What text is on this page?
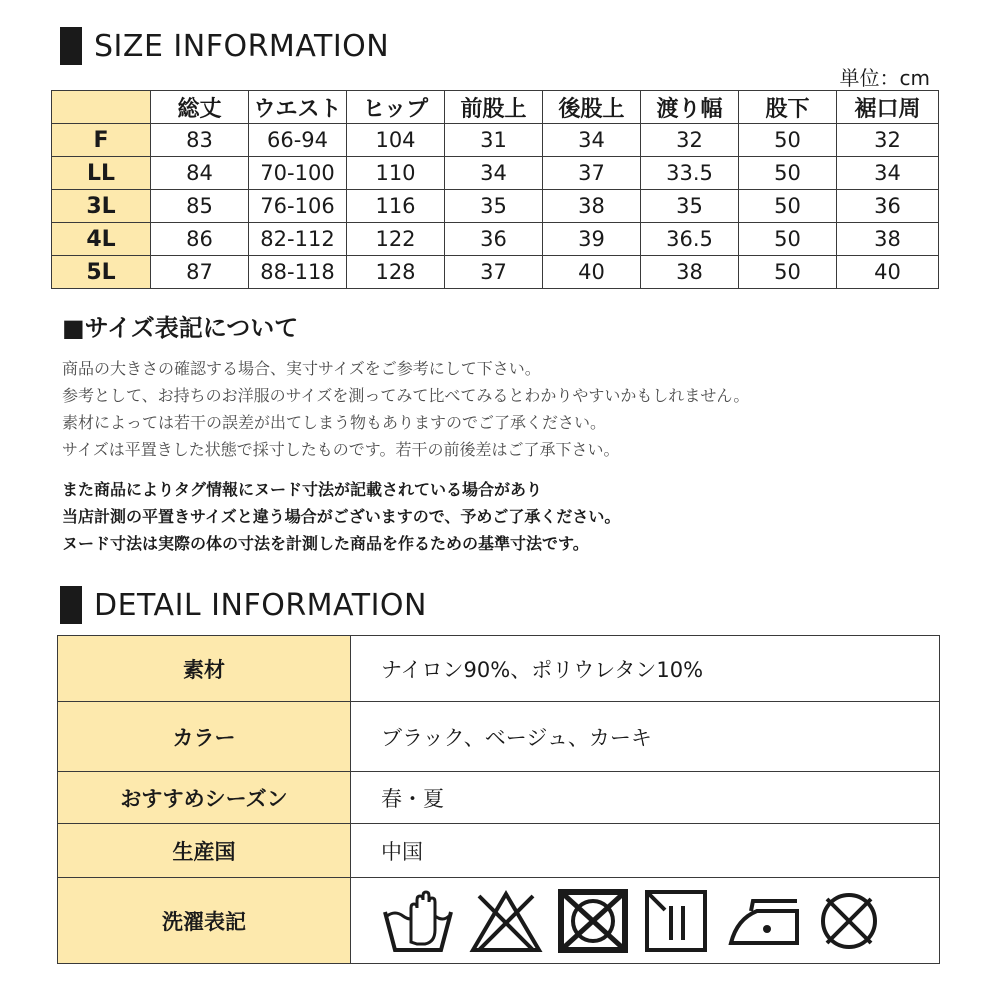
SIZE INFORMATION
単位：cm
	総丈	ウエスト	ヒップ	前股上	後股上	渡り幅	股下	裾口周
F	83	66-94	104	31	34	32	50	32
LL	84	70-100	110	34	37	33.5	50	34
3L	85	76-106	116	35	38	35	50	36
4L	86	82-112	122	36	39	36.5	50	38
5L	87	88-118	128	37	40	38	50	40
■サイズ表記について
商品の大きさの確認する場合、実寸サイズをご参考にして下さい。
参考として、お持ちのお洋服のサイズを測ってみて比べてみるとわかりやすいかもしれません。
素材によっては若干の誤差が出てしまう物もありますのでご了承ください。
サイズは平置きした状態で採寸したものです。若干の前後差はご了承下さい。
また商品によりタグ情報にヌード寸法が記載されている場合があり
当店計測の平置きサイズと違う場合がございますので、予めご了承ください。
ヌード寸法は実際の体の寸法を計測した商品を作るための基準寸法です。
DETAIL INFORMATION
素材	ナイロン90%、ポリウレタン10%
カラー	ブラック、ベージュ、カーキ
おすすめシーズン	春・夏
生産国	中国
洗濯表記	
